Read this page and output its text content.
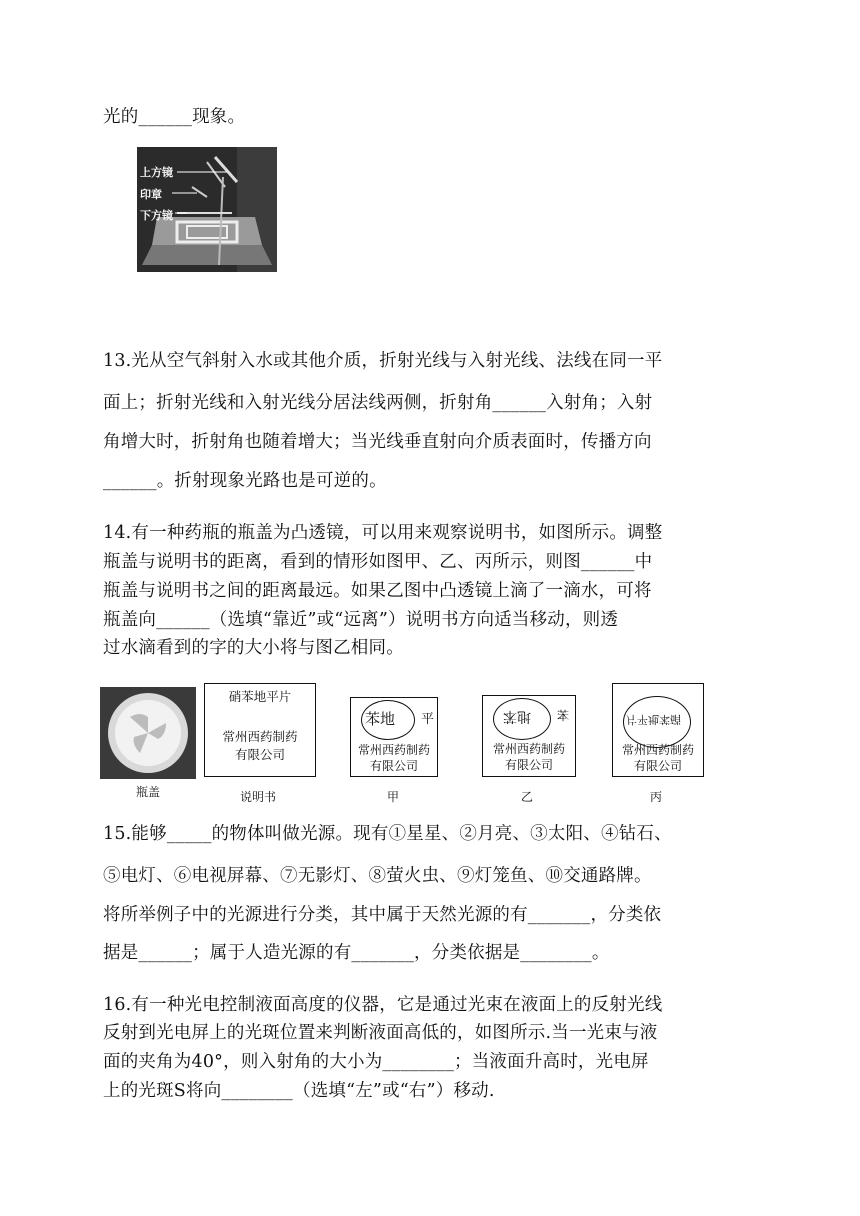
光的______现象。
上方镜
印章
下方镜
13.光从空气斜射入水或其他介质，折射光线与入射光线、法线在同一平
面上；折射光线和入射光线分居法线两侧，折射角______入射角；入射
角增大时，折射角也随着增大；当光线垂直射向介质表面时，传播方向
______。折射现象光路也是可逆的。
14.有一种药瓶的瓶盖为凸透镜，可以用来观察说明书，如图所示。调整
瓶盖与说明书的距离，看到的情形如图甲、乙、丙所示，则图______中
瓶盖与说明书之间的距离最远。如果乙图中凸透镜上滴了一滴水，可将
瓶盖向______（选填“靠近”或“远离”）说明书方向适当移动，则透
过水滴看到的字的大小将与图乙相同。
瓶盖
硝苯地平片
常州西药制药
有限公司
说明书
苯地 平
常州西药制药
有限公司
甲
地苯 苯
常州西药制药
有限公司
乙
片平地苯硝
常州西药制药
有限公司
丙
15.能够_____的物体叫做光源。现有①星星、②月亮、③太阳、④钻石、
⑤电灯、⑥电视屏幕、⑦无影灯、⑧萤火虫、⑨灯笼鱼、⑩交通路牌。
将所举例子中的光源进行分类，其中属于天然光源的有_______，分类依
据是______；属于人造光源的有_______，分类依据是________。
16.有一种光电控制液面高度的仪器，它是通过光束在液面上的反射光线
反射到光电屏上的光斑位置来判断液面高低的，如图所示.当一光束与液
面的夹角为40°，则入射角的大小为________；当液面升高时，光电屏
上的光斑S将向________（选填“左”或“右”）移动.
